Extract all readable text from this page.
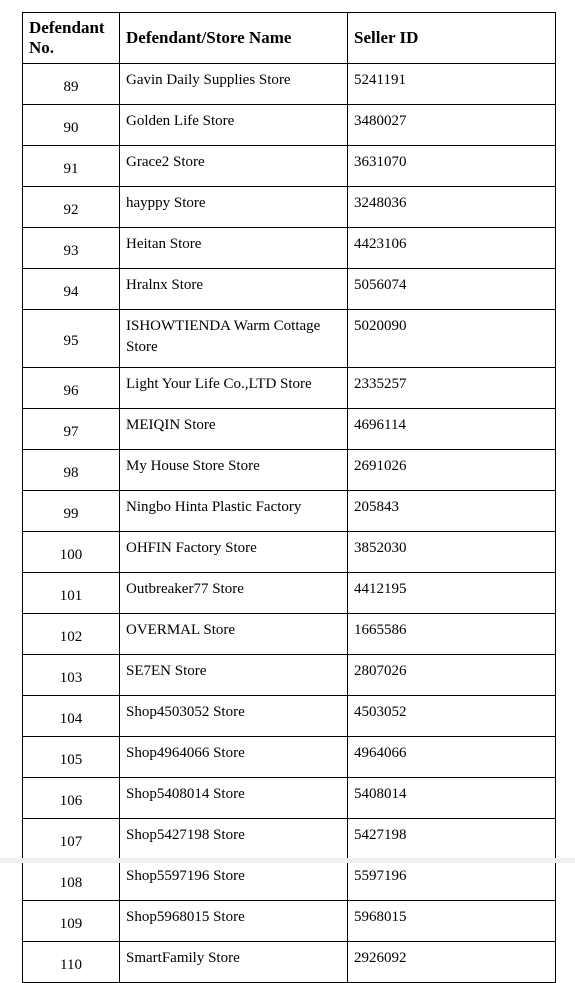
Defendant
No.	Defendant/Store Name	Seller ID
89	Gavin Daily Supplies Store	5241191
90	Golden Life Store	3480027
91	Grace2 Store	3631070
92	hayppy Store	3248036
93	Heitan Store	4423106
94	Hralnx Store	5056074
95	ISHOWTIENDA Warm Cottage Store	5020090
96	Light Your Life Co.,LTD Store	2335257
97	MEIQIN Store	4696114
98	My House Store Store	2691026
99	Ningbo Hinta Plastic Factory	205843
100	OHFIN Factory Store	3852030
101	Outbreaker77 Store	4412195
102	OVERMAL Store	1665586
103	SE7EN Store	2807026
104	Shop4503052 Store	4503052
105	Shop4964066 Store	4964066
106	Shop5408014 Store	5408014
107	Shop5427198 Store	5427198
108	Shop5597196 Store	5597196
109	Shop5968015 Store	5968015
110	SmartFamily Store	2926092
